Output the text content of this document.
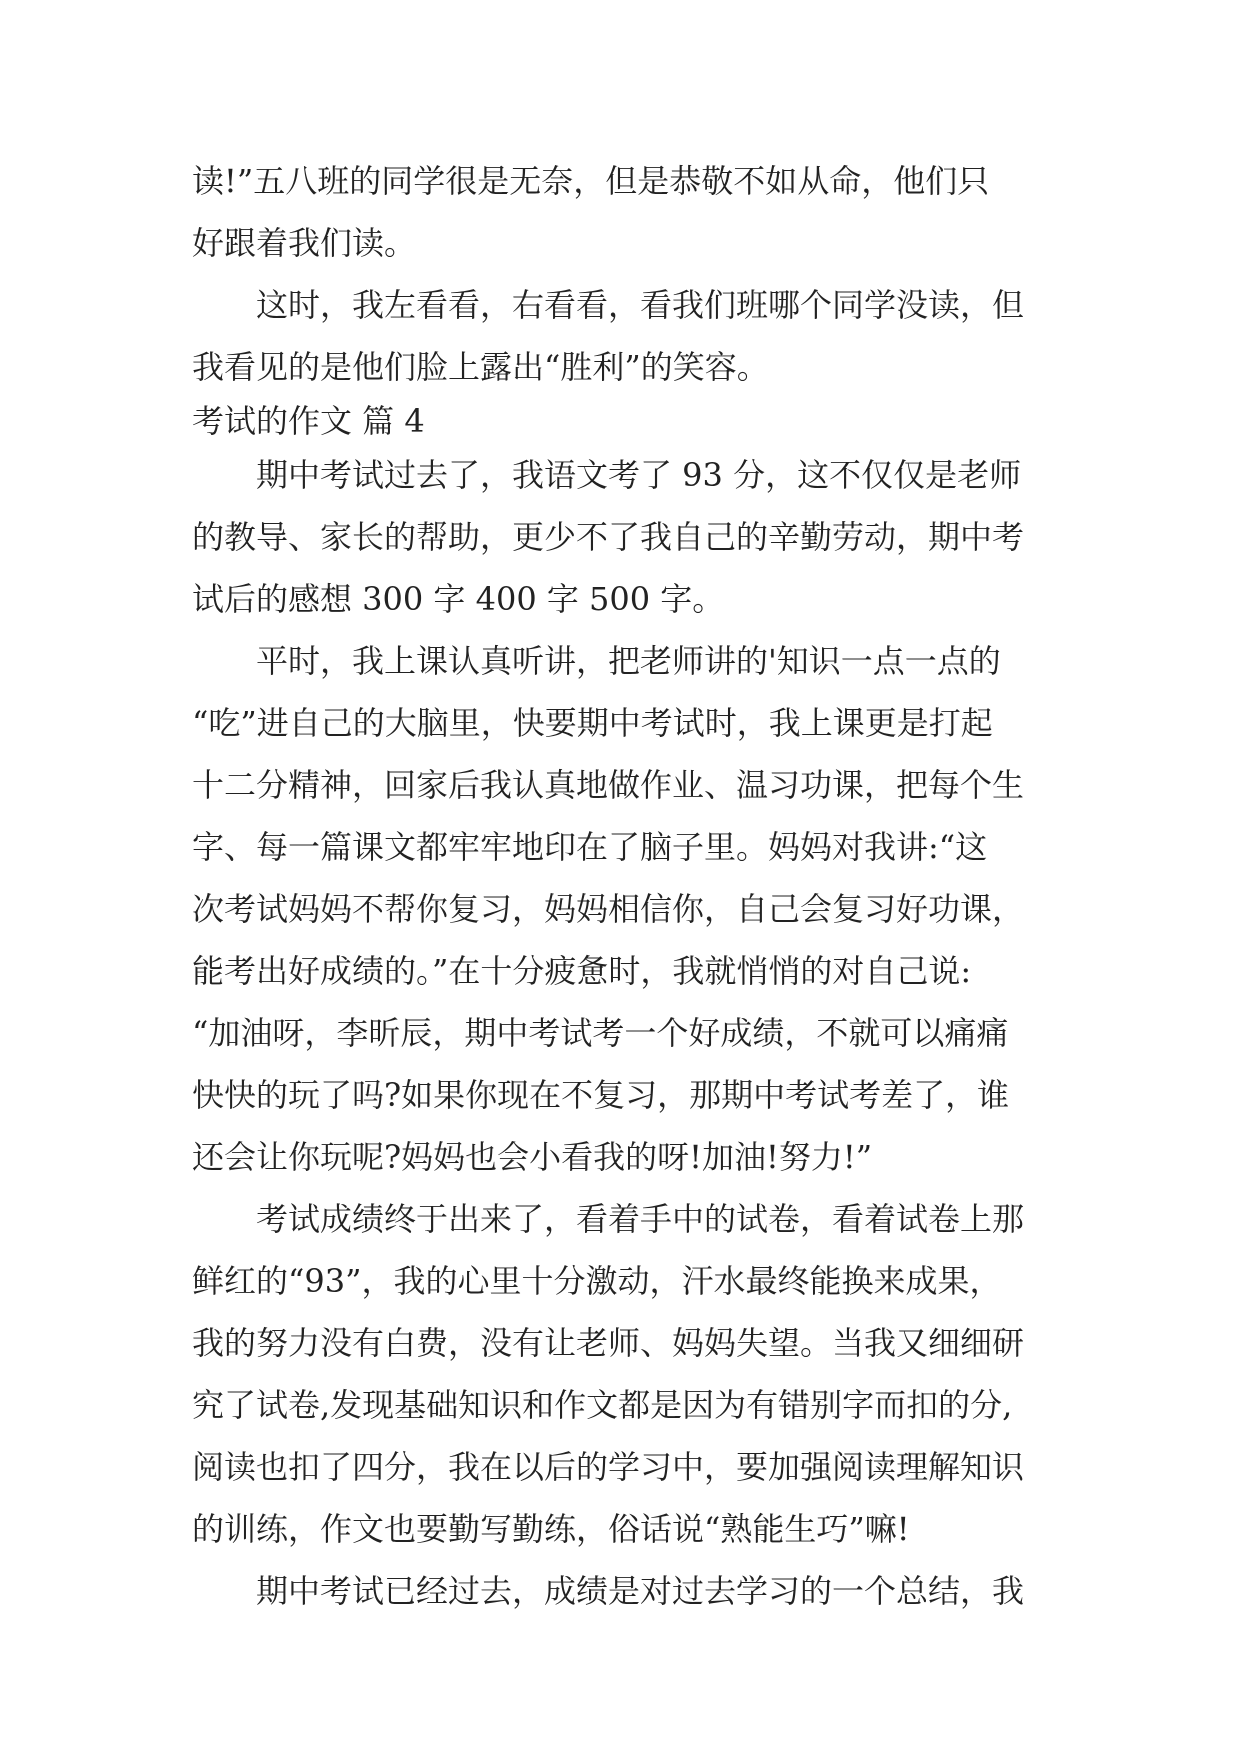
读!”五八班的同学很是无奈，但是恭敬不如从命，他们只
好跟着我们读。
这时，我左看看，右看看，看我们班哪个同学没读，但
我看见的是他们脸上露出“胜利”的笑容。
考试的作文 篇 4
期中考试过去了，我语文考了 93 分，这不仅仅是老师
的教导、家长的帮助，更少不了我自己的辛勤劳动，期中考
试后的感想 300 字 400 字 500 字。
平时，我上课认真听讲，把老师讲的'知识一点一点的
“吃”进自己的大脑里，快要期中考试时，我上课更是打起
十二分精神，回家后我认真地做作业、温习功课，把每个生
字、每一篇课文都牢牢地印在了脑子里。妈妈对我讲:“这
次考试妈妈不帮你复习，妈妈相信你，自己会复习好功课，
能考出好成绩的。”在十分疲惫时，我就悄悄的对自己说:
“加油呀，李昕辰，期中考试考一个好成绩，不就可以痛痛
快快的玩了吗?如果你现在不复习，那期中考试考差了，谁
还会让你玩呢?妈妈也会小看我的呀!加油!努力!”
考试成绩终于出来了，看着手中的试卷，看着试卷上那
鲜红的“93”，我的心里十分激动，汗水最终能换来成果，
我的努力没有白费，没有让老师、妈妈失望。当我又细细研
究了试卷,发现基础知识和作文都是因为有错别字而扣的分,
阅读也扣了四分，我在以后的学习中，要加强阅读理解知识
的训练，作文也要勤写勤练，俗话说“熟能生巧”嘛!
期中考试已经过去，成绩是对过去学习的一个总结，我
